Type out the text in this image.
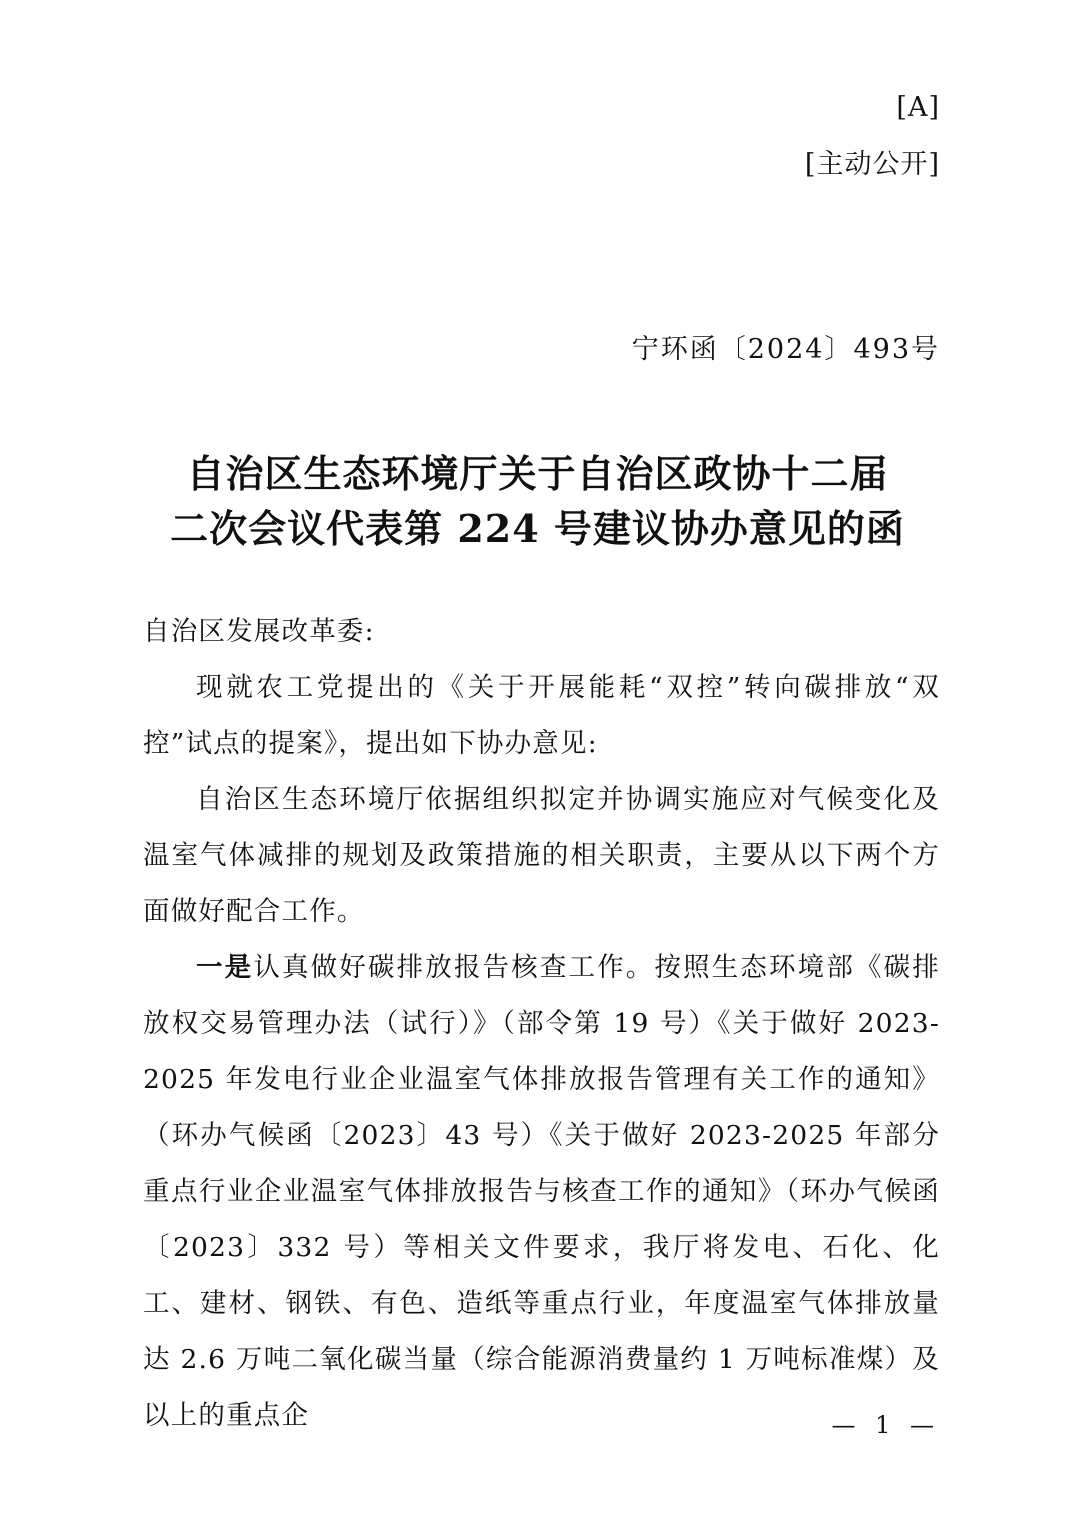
[A]
[主动公开]
宁环函〔2024〕493号
自治区生态环境厅关于自治区政协十二届
二次会议代表第 224 号建议协办意见的函

自治区发展改革委:

现就农工党提出的《关于开展能耗“双控”转向碳排放“双控”试点的提案》，提出如下协办意见:

自治区生态环境厅依据组织拟定并协调实施应对气候变化及温室气体减排的规划及政策措施的相关职责，主要从以下两个方面做好配合工作。

一是认真做好碳排放报告核查工作。按照生态环境部《碳排放权交易管理办法（试行）》（部令第 19 号）《关于做好 2023-2025 年发电行业企业温室气体排放报告管理有关工作的通知》（环办气候函〔2023〕43 号）《关于做好 2023-2025 年部分重点行业企业温室气体排放报告与核查工作的通知》（环办气候函〔2023〕332 号）等相关文件要求，我厅将发电、石化、化工、建材、钢铁、有色、造纸等重点行业，年度温室气体排放量达 2.6 万吨二氧化碳当量（综合能源消费量约 1 万吨标准煤）及以上的重点企	— 1 —
